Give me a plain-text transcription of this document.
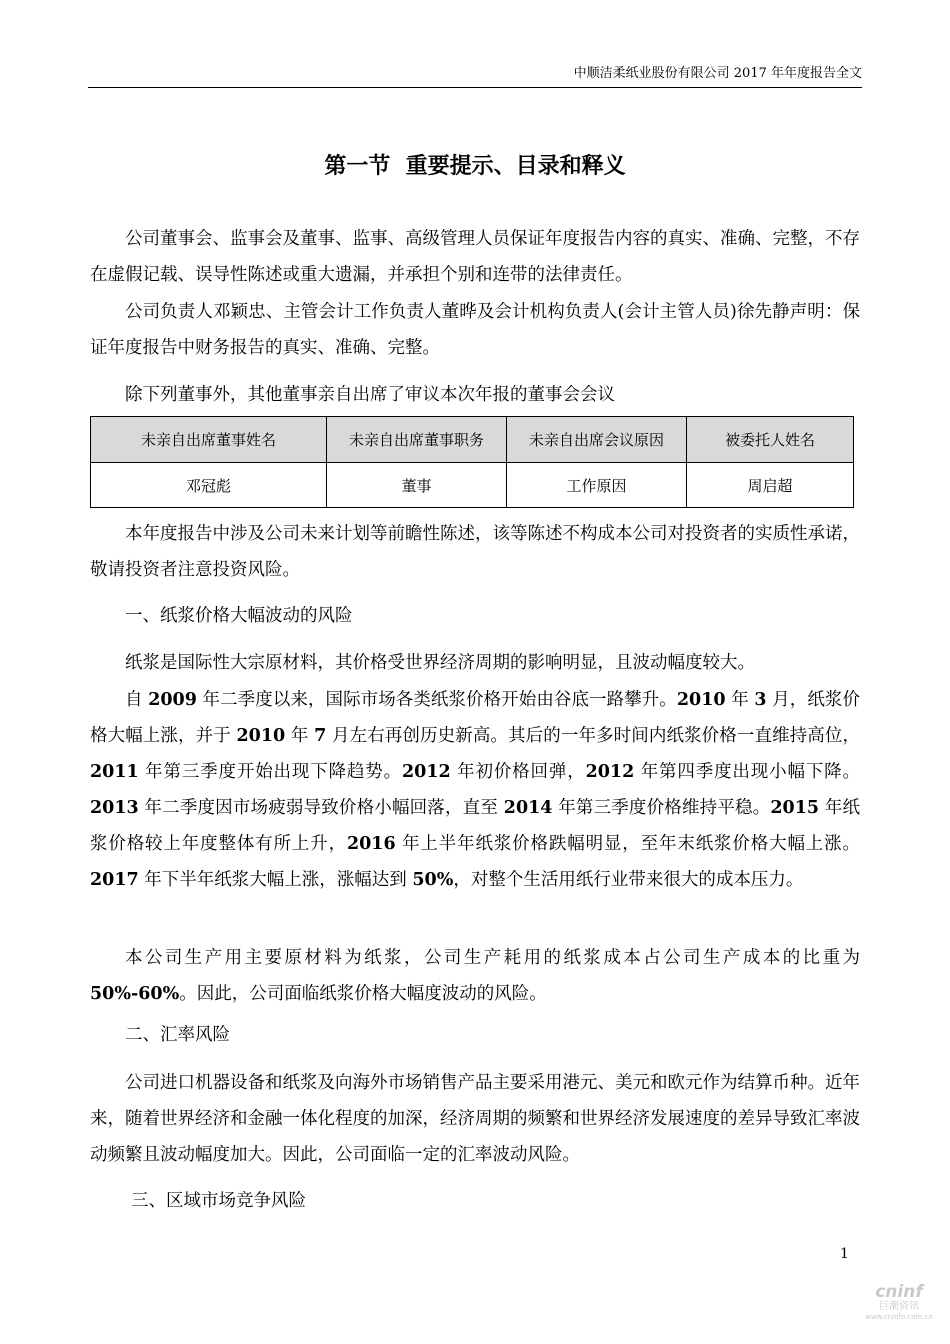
中顺洁柔纸业股份有限公司 2017 年年度报告全文
第一节  重要提示、目录和释义
公司董事会、监事会及董事、监事、高级管理人员保证年度报告内容的真实、准确、完整，不存在虚假记载、误导性陈述或重大遗漏，并承担个别和连带的法律责任。
公司负责人邓颖忠、主管会计工作负责人董晔及会计机构负责人(会计主管人员)徐先静声明：保证年度报告中财务报告的真实、准确、完整。
除下列董事外，其他董事亲自出席了审议本次年报的董事会会议
未亲自出席董事姓名	未亲自出席董事职务	未亲自出席会议原因	被委托人姓名
邓冠彪	董事	工作原因	周启超
本年度报告中涉及公司未来计划等前瞻性陈述，该等陈述不构成本公司对投资者的实质性承诺，敬请投资者注意投资风险。
一、纸浆价格大幅波动的风险
纸浆是国际性大宗原材料，其价格受世界经济周期的影响明显，且波动幅度较大。
自 2009 年二季度以来，国际市场各类纸浆价格开始由谷底一路攀升。2010 年 3 月，纸浆价格大幅上涨，并于 2010 年 7 月左右再创历史新高。其后的一年多时间内纸浆价格一直维持高位，2011 年第三季度开始出现下降趋势。2012 年初价格回弹，2012 年第四季度出现小幅下降。2013 年二季度因市场疲弱导致价格小幅回落，直至 2014 年第三季度价格维持平稳。2015 年纸浆价格较上年度整体有所上升，2016 年上半年纸浆价格跌幅明显，至年末纸浆价格大幅上涨。2017 年下半年纸浆大幅上涨，涨幅达到 50%，对整个生活用纸行业带来很大的成本压力。
本公司生产用主要原材料为纸浆，公司生产耗用的纸浆成本占公司生产成本的比重为 50%-60%。因此，公司面临纸浆价格大幅度波动的风险。
二、汇率风险
公司进口机器设备和纸浆及向海外市场销售产品主要采用港元、美元和欧元作为结算币种。近年来，随着世界经济和金融一体化程度的加深，经济周期的频繁和世界经济发展速度的差异导致汇率波动频繁且波动幅度加大。因此，公司面临一定的汇率波动风险。
三、区域市场竞争风险
1
cninf
巨潮资讯
www.cninfo.com.cn
